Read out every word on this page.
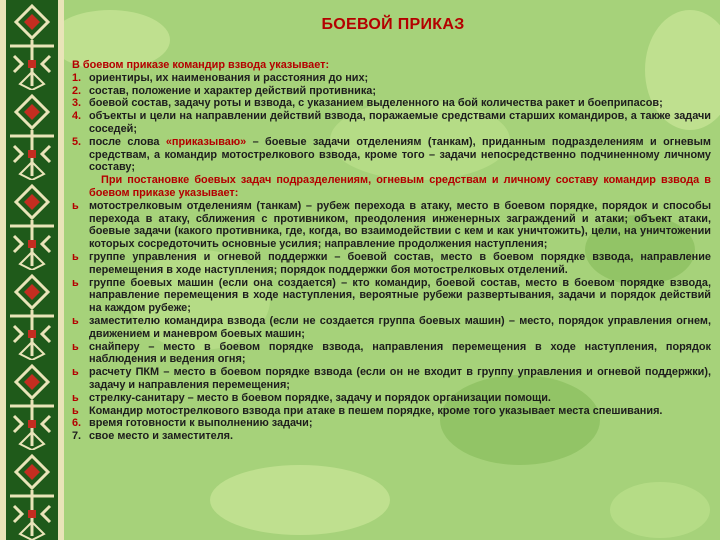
БОЕВОЙ ПРИКАЗ
В боевом приказе командир взвода указывает:
1. ориентиры, их наименования и расстояния до них;
2. состав, положение и характер действий противника;
3. боевой состав, задачу роты и взвода, с указанием выделенного на бой количества ракет и боеприпасов;
4. объекты и цели на направлении действий взвода, поражаемые средствами старших командиров, а также задачи соседей;
5. после слова «приказываю» – боевые задачи отделениям (танкам), приданным подразделениям и огневым средствам, а командир мотострелкового взвода, кроме того – задачи непосредственно подчиненному личному составу;
При постановке боевых задач подразделениям, огневым средствам и личному составу командир взвода в боевом приказе указывает:
ь мотострелковым отделениям (танкам) – рубеж перехода в атаку, место в боевом порядке, порядок и способы перехода в атаку, сближения с противником, преодоления инженерных заграждений и атаки; объект атаки, боевые задачи (какого противника, где, когда, во взаимодействии с кем и как уничтожить), цели, на уничтожении которых сосредоточить основные усилия; направление продолжения наступления;
ь группе управления и огневой поддержки – боевой состав, место в боевом порядке взвода, направление перемещения в ходе наступления; порядок поддержки боя мотострелковых отделений.
ь группе боевых машин (если она создается) – кто командир, боевой состав, место в боевом порядке взвода, направление перемещения в ходе наступления, вероятные рубежи развертывания, задачи и порядок действий на каждом рубеже;
ь заместителю командира взвода (если не создается группа боевых машин) – место, порядок управления огнем, движением и маневром боевых машин;
ь снайперу – место в боевом порядке взвода, направления перемещения в ходе наступления, порядок наблюдения и ведения огня;
ь расчету ПКМ – место в боевом порядке взвода (если он не входит в группу управления и огневой поддержки), задачу и направления перемещения;
ь стрелку-санитару – место в боевом порядке, задачу и порядок организации помощи.
ь Командир мотострелкового взвода при атаке в пешем порядке, кроме того указывает места спешивания.
6. время готовности к выполнению задачи;
7. свое место и заместителя.
